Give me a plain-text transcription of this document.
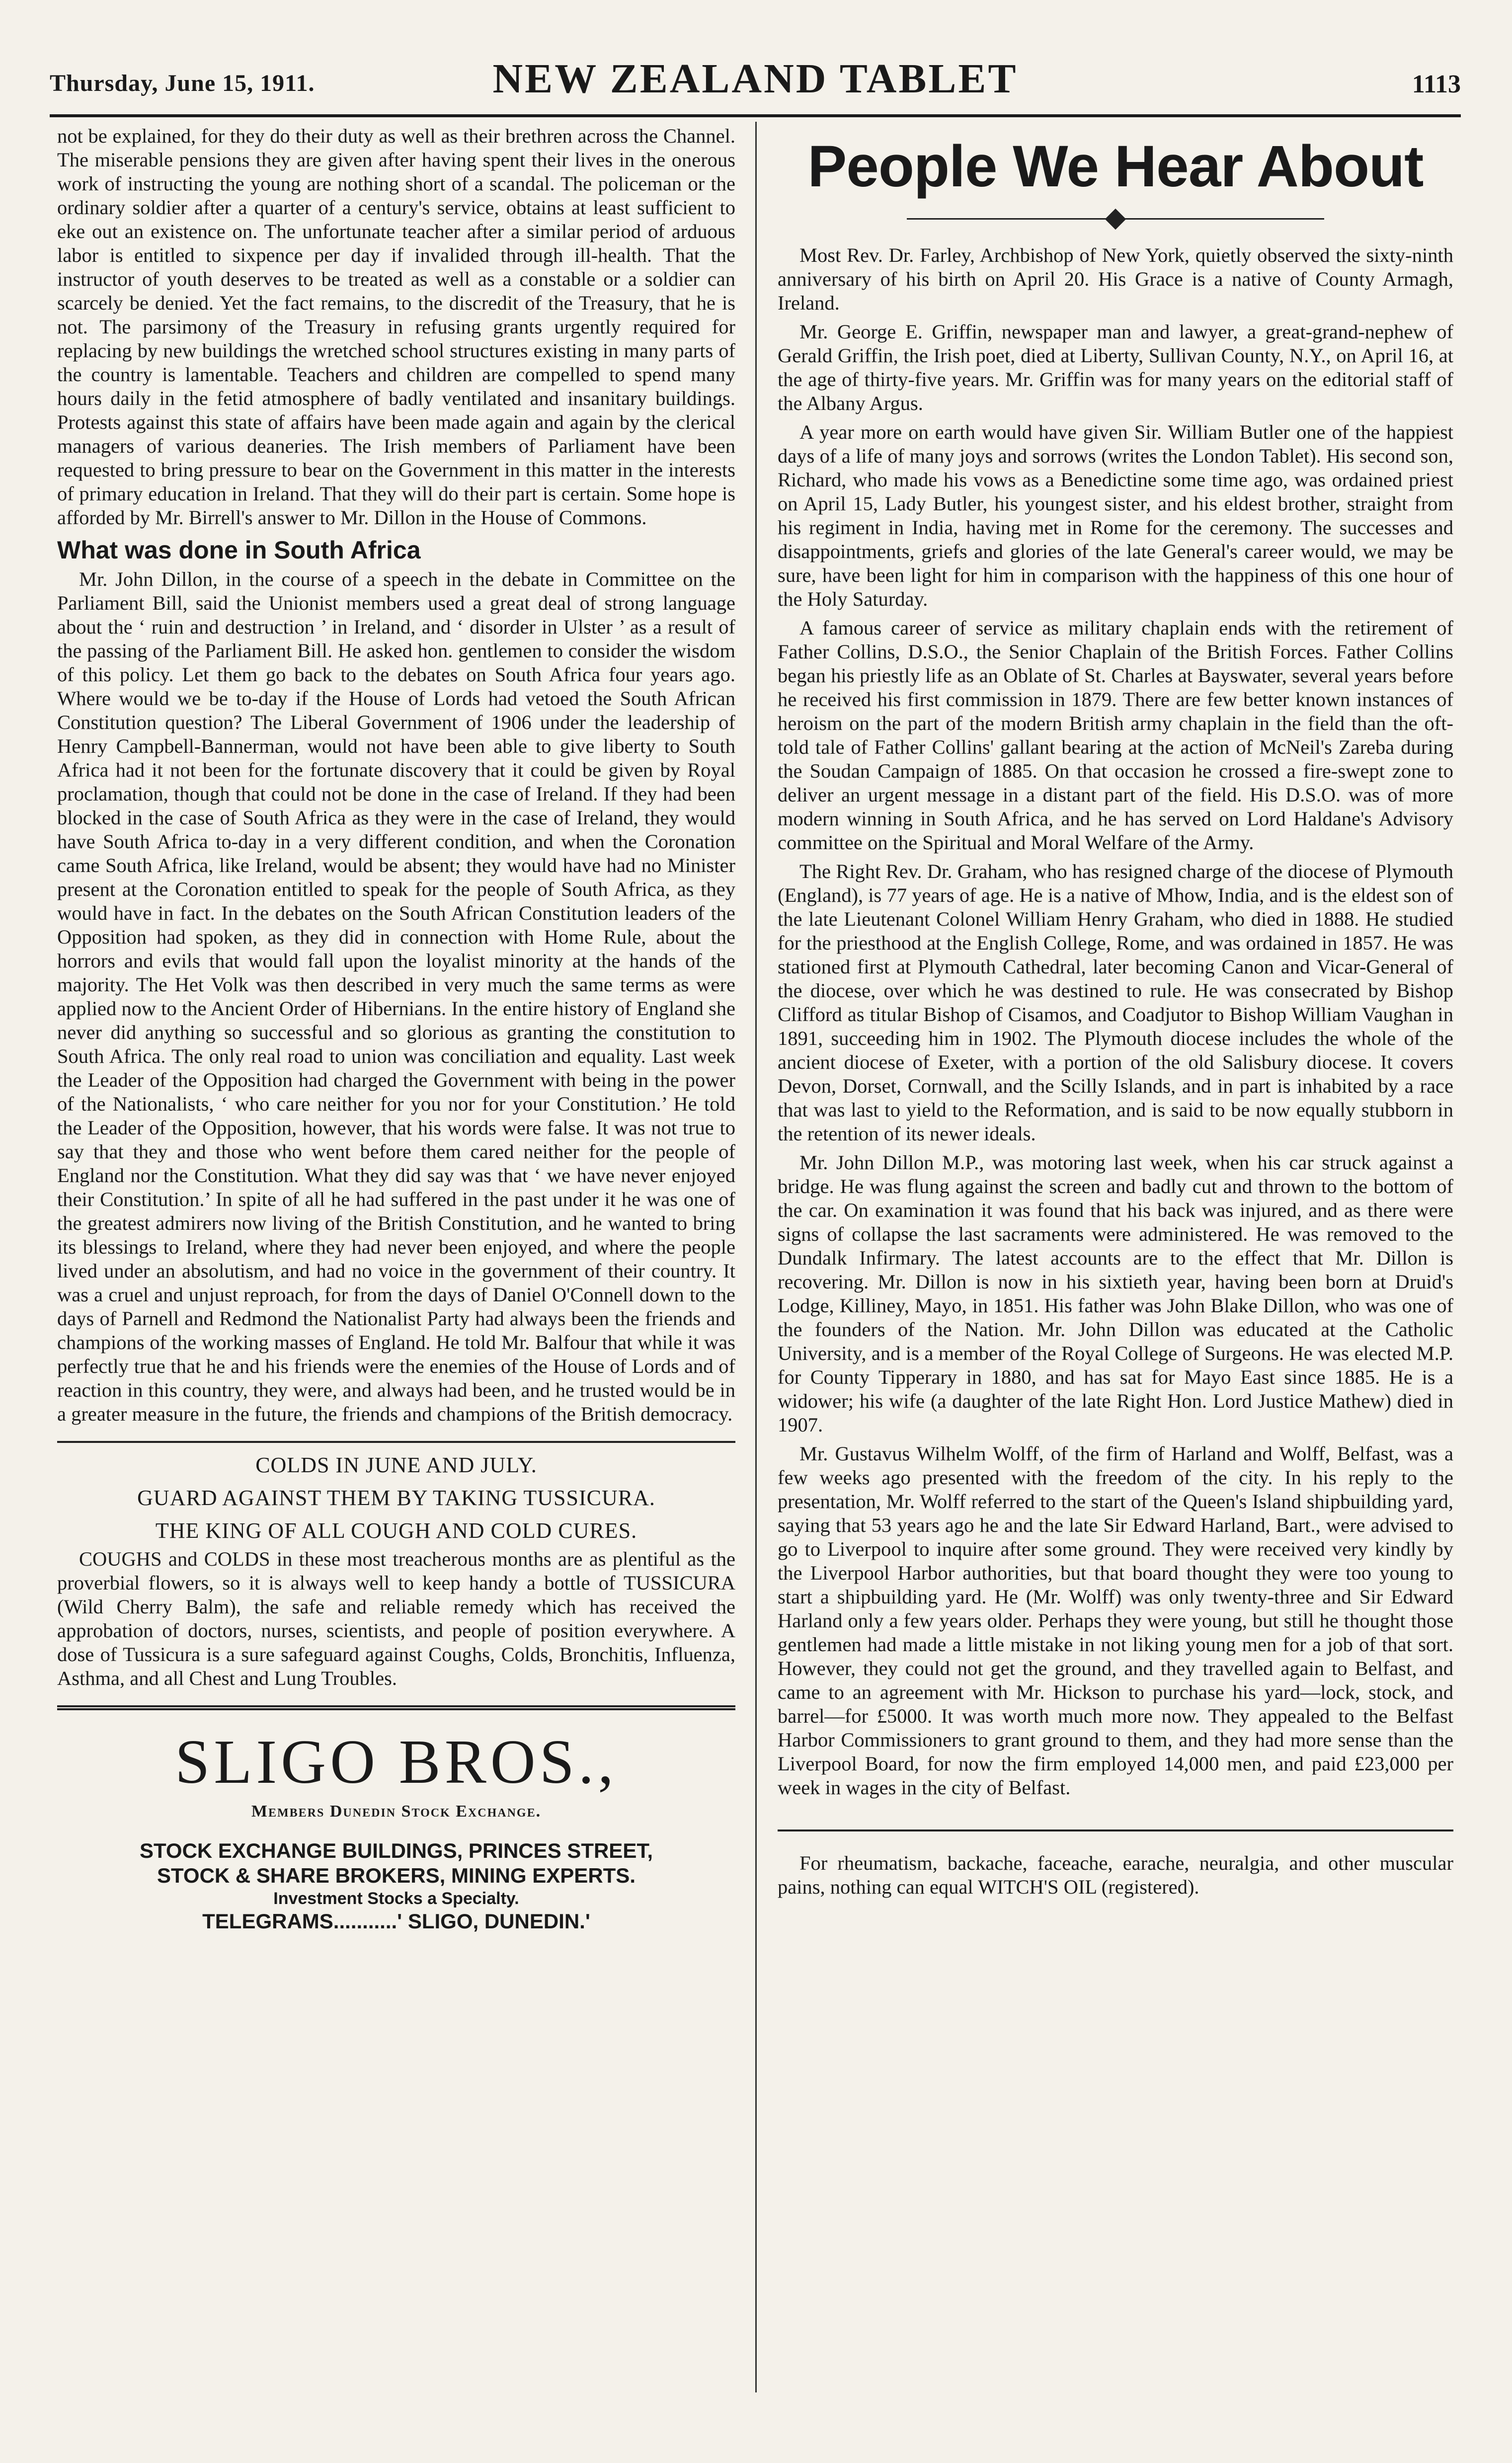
Thursday, June 15, 1911.	NEW ZEALAND TABLET	1113

not be explained, for they do their duty as well as their brethren across the Channel. The miserable pensions they are given after having spent their lives in the onerous work of instructing the young are nothing short of a scandal. The policeman or the ordinary soldier after a quarter of a century's service, obtains at least sufficient to eke out an existence on. The unfortunate teacher after a similar period of arduous labor is entitled to sixpence per day if invalided through ill-health. That the instructor of youth deserves to be treated as well as a constable or a soldier can scarcely be denied. Yet the fact remains, to the discredit of the Treasury, that he is not. The parsimony of the Treasury in refusing grants urgently required for replacing by new buildings the wretched school structures existing in many parts of the country is lamentable. Teachers and children are compelled to spend many hours daily in the fetid atmosphere of badly ventilated and insanitary buildings. Protests against this state of affairs have been made again and again by the clerical managers of various deaneries. The Irish members of Parliament have been requested to bring pressure to bear on the Government in this matter in the interests of primary education in Ireland. That they will do their part is certain. Some hope is afforded by Mr. Birrell's answer to Mr. Dillon in the House of Commons.

What was done in South Africa

Mr. John Dillon, in the course of a speech in the debate in Committee on the Parliament Bill, said the Unionist members used a great deal of strong language about the ‘ ruin and destruction ’ in Ireland, and ‘ disorder in Ulster ’ as a result of the passing of the Parliament Bill. He asked hon. gentlemen to consider the wisdom of this policy. Let them go back to the debates on South Africa four years ago. Where would we be to-day if the House of Lords had vetoed the South African Constitution question? The Liberal Government of 1906 under the leadership of Henry Campbell-Bannerman, would not have been able to give liberty to South Africa had it not been for the fortunate discovery that it could be given by Royal proclamation, though that could not be done in the case of Ireland. If they had been blocked in the case of South Africa as they were in the case of Ireland, they would have South Africa to-day in a very different condition, and when the Coronation came South Africa, like Ireland, would be absent; they would have had no Minister present at the Coronation entitled to speak for the people of South Africa, as they would have in fact. In the debates on the South African Constitution leaders of the Opposition had spoken, as they did in connection with Home Rule, about the horrors and evils that would fall upon the loyalist minority at the hands of the majority. The Het Volk was then described in very much the same terms as were applied now to the Ancient Order of Hibernians. In the entire history of England she never did anything so successful and so glorious as granting the constitution to South Africa. The only real road to union was conciliation and equality. Last week the Leader of the Opposition had charged the Government with being in the power of the Nationalists, ‘ who care neither for you nor for your Constitution.’ He told the Leader of the Opposition, however, that his words were false. It was not true to say that they and those who went before them cared neither for the people of England nor the Constitution. What they did say was that ‘ we have never enjoyed their Constitution.’ In spite of all he had suffered in the past under it he was one of the greatest admirers now living of the British Constitution, and he wanted to bring its blessings to Ireland, where they had never been enjoyed, and where the people lived under an absolutism, and had no voice in the government of their country. It was a cruel and unjust reproach, for from the days of Daniel O'Connell down to the days of Parnell and Redmond the Nationalist Party had always been the friends and champions of the working masses of England. He told Mr. Balfour that while it was perfectly true that he and his friends were the enemies of the House of Lords and of reaction in this country, they were, and always had been, and he trusted would be in a greater measure in the future, the friends and champions of the British democracy.

COLDS IN JUNE AND JULY.
GUARD AGAINST THEM BY TAKING TUSSICURA.
THE KING OF ALL COUGH AND COLD CURES.

COUGHS and COLDS in these most treacherous months are as plentiful as the proverbial flowers, so it is always well to keep handy a bottle of TUSSICURA (Wild Cherry Balm), the safe and reliable remedy which has received the approbation of doctors, nurses, scientists, and people of position everywhere. A dose of Tussicura is a sure safeguard against Coughs, Colds, Bronchitis, Influenza, Asthma, and all Chest and Lung Troubles.

SLIGO BROS.,
Members Dunedin Stock Exchange.
STOCK EXCHANGE BUILDINGS, PRINCES STREET,
STOCK & SHARE BROKERS, MINING EXPERTS.
Investment Stocks a Specialty.
TELEGRAMS...........' SLIGO, DUNEDIN.'
People We Hear About

Most Rev. Dr. Farley, Archbishop of New York, quietly observed the sixty-ninth anniversary of his birth on April 20. His Grace is a native of County Armagh, Ireland.

Mr. George E. Griffin, newspaper man and lawyer, a great-grand-nephew of Gerald Griffin, the Irish poet, died at Liberty, Sullivan County, N.Y., on April 16, at the age of thirty-five years. Mr. Griffin was for many years on the editorial staff of the Albany Argus.

A year more on earth would have given Sir. William Butler one of the happiest days of a life of many joys and sorrows (writes the London Tablet). His second son, Richard, who made his vows as a Benedictine some time ago, was ordained priest on April 15, Lady Butler, his youngest sister, and his eldest brother, straight from his regiment in India, having met in Rome for the ceremony. The successes and disappointments, griefs and glories of the late General's career would, we may be sure, have been light for him in comparison with the happiness of this one hour of the Holy Saturday.

A famous career of service as military chaplain ends with the retirement of Father Collins, D.S.O., the Senior Chaplain of the British Forces. Father Collins began his priestly life as an Oblate of St. Charles at Bayswater, several years before he received his first commission in 1879. There are few better known instances of heroism on the part of the modern British army chaplain in the field than the oft-told tale of Father Collins' gallant bearing at the action of McNeil's Zareba during the Soudan Campaign of 1885. On that occasion he crossed a fire-swept zone to deliver an urgent message in a distant part of the field. His D.S.O. was of more modern winning in South Africa, and he has served on Lord Haldane's Advisory committee on the Spiritual and Moral Welfare of the Army.

The Right Rev. Dr. Graham, who has resigned charge of the diocese of Plymouth (England), is 77 years of age. He is a native of Mhow, India, and is the eldest son of the late Lieutenant Colonel William Henry Graham, who died in 1888. He studied for the priesthood at the English College, Rome, and was ordained in 1857. He was stationed first at Plymouth Cathedral, later becoming Canon and Vicar-General of the diocese, over which he was destined to rule. He was consecrated by Bishop Clifford as titular Bishop of Cisamos, and Coadjutor to Bishop William Vaughan in 1891, succeeding him in 1902. The Plymouth diocese includes the whole of the ancient diocese of Exeter, with a portion of the old Salisbury diocese. It covers Devon, Dorset, Cornwall, and the Scilly Islands, and in part is inhabited by a race that was last to yield to the Reformation, and is said to be now equally stubborn in the retention of its newer ideals.

Mr. John Dillon M.P., was motoring last week, when his car struck against a bridge. He was flung against the screen and badly cut and thrown to the bottom of the car. On examination it was found that his back was injured, and as there were signs of collapse the last sacraments were administered. He was removed to the Dundalk Infirmary. The latest accounts are to the effect that Mr. Dillon is recovering. Mr. Dillon is now in his sixtieth year, having been born at Druid's Lodge, Killiney, Mayo, in 1851. His father was John Blake Dillon, who was one of the founders of the Nation. Mr. John Dillon was educated at the Catholic University, and is a member of the Royal College of Surgeons. He was elected M.P. for County Tipperary in 1880, and has sat for Mayo East since 1885. He is a widower; his wife (a daughter of the late Right Hon. Lord Justice Mathew) died in 1907.

Mr. Gustavus Wilhelm Wolff, of the firm of Harland and Wolff, Belfast, was a few weeks ago presented with the freedom of the city. In his reply to the presentation, Mr. Wolff referred to the start of the Queen's Island shipbuilding yard, saying that 53 years ago he and the late Sir Edward Harland, Bart., were advised to go to Liverpool to inquire after some ground. They were received very kindly by the Liverpool Harbor authorities, but that board thought they were too young to start a shipbuilding yard. He (Mr. Wolff) was only twenty-three and Sir Edward Harland only a few years older. Perhaps they were young, but still he thought those gentlemen had made a little mistake in not liking young men for a job of that sort. However, they could not get the ground, and they travelled again to Belfast, and came to an agreement with Mr. Hickson to purchase his yard—lock, stock, and barrel—for £5000. It was worth much more now. They appealed to the Belfast Harbor Commissioners to grant ground to them, and they had more sense than the Liverpool Board, for now the firm employed 14,000 men, and paid £23,000 per week in wages in the city of Belfast.

For rheumatism, backache, faceache, earache, neuralgia, and other muscular pains, nothing can equal WITCH'S OIL (registered).
